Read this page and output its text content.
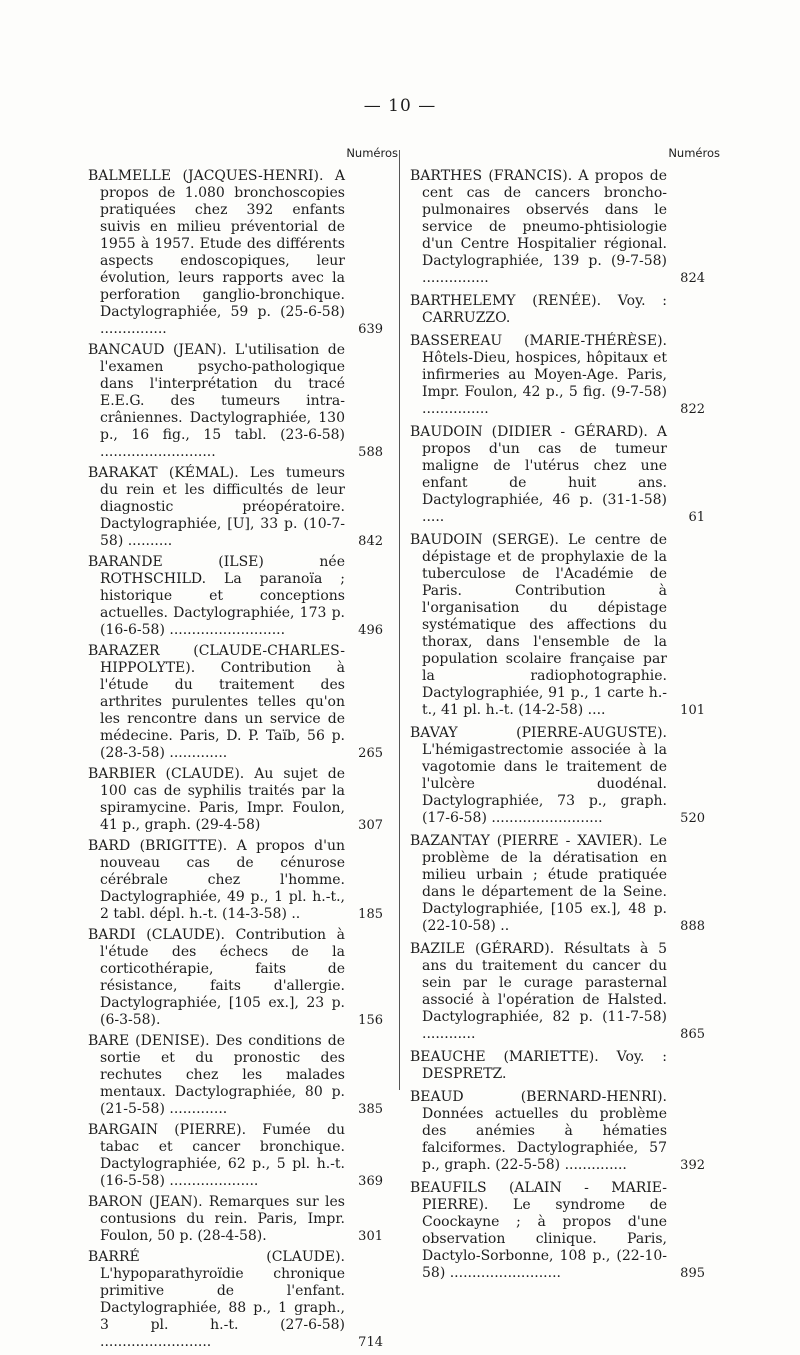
— 10 —
Numéros
BALMELLE (JACQUES-HENRI). A propos de 1.080 bronchoscopies pratiquées chez 392 enfants suivis en milieu préventorial de 1955 à 1957. Etude des différents aspects endoscopiques, leur évolution, leurs rapports avec la perforation ganglio-bronchique. Dactylographiée, 59 p. (25-6-58) ...............	639
BANCAUD (JEAN). L'utilisation de l'examen psycho-pathologique dans l'interprétation du tracé E.E.G. des tumeurs intra-crâniennes. Dactylographiée, 130 p., 16 fig., 15 tabl. (23-6-58) ..........................	588
BARAKAT (KÉMAL). Les tumeurs du rein et les difficultés de leur diagnostic préopératoire. Dactylographiée, [U], 33 p. (10-7-58) ..........	842
BARANDE (ILSE) née ROTHSCHILD. La paranoïa ; historique et conceptions actuelles. Dactylographiée, 173 p. (16-6-58) ..........................	496
BARAZER (CLAUDE-CHARLES-HIPPOLYTE). Contribution à l'étude du traitement des arthrites purulentes telles qu'on les rencontre dans un service de médecine. Paris, D. P. Taïb, 56 p. (28-3-58) .............	265
BARBIER (CLAUDE). Au sujet de 100 cas de syphilis traités par la spiramycine. Paris, Impr. Foulon, 41 p., graph. (29-4-58)	307
BARD (BRIGITTE). A propos d'un nouveau cas de cénurose cérébrale chez l'homme. Dactylographiée, 49 p., 1 pl. h.-t., 2 tabl. dépl. h.-t. (14-3-58) ..	185
BARDI (CLAUDE). Contribution à l'étude des échecs de la corticothérapie, faits de résistance, faits d'allergie. Dactylographiée, [105 ex.], 23 p. (6-3-58).	156
BARE (DENISE). Des conditions de sortie et du pronostic des rechutes chez les malades mentaux. Dactylographiée, 80 p. (21-5-58) .............	385
BARGAIN (PIERRE). Fumée du tabac et cancer bronchique. Dactylographiée, 62 p., 5 pl. h.-t. (16-5-58) ....................	369
BARON (JEAN). Remarques sur les contusions du rein. Paris, Impr. Foulon, 50 p. (28-4-58).	301
BARRÉ (CLAUDE). L'hypoparathyroïdie chronique primitive de l'enfant. Dactylographiée, 88 p., 1 graph., 3 pl. h.-t. (27-6-58) .........................	714
Numéros
BARTHES (FRANCIS). A propos de cent cas de cancers broncho-pulmonaires observés dans le service de pneumo-phtisiologie d'un Centre Hospitalier régional. Dactylographiée, 139 p. (9-7-58) ...............	824
BARTHELEMY (RENÉE). Voy. : CARRUZZO.
BASSEREAU (MARIE-THÉRÈSE). Hôtels-Dieu, hospices, hôpitaux et infirmeries au Moyen-Age. Paris, Impr. Foulon, 42 p., 5 fig. (9-7-58) ...............	822
BAUDOIN (DIDIER - GÉRARD). A propos d'un cas de tumeur maligne de l'utérus chez une enfant de huit ans. Dactylographiée, 46 p. (31-1-58) .....	61
BAUDOIN (SERGE). Le centre de dépistage et de prophylaxie de la tuberculose de l'Académie de Paris. Contribution à l'organisation du dépistage systématique des affections du thorax, dans l'ensemble de la population scolaire française par la radiophotographie. Dactylographiée, 91 p., 1 carte h.-t., 41 pl. h.-t. (14-2-58) ....	101
BAVAY (PIERRE-AUGUSTE). L'hémigastrectomie associée à la vagotomie dans le traitement de l'ulcère duodénal. Dactylographiée, 73 p., graph. (17-6-58) .........................	520
BAZANTAY (PIERRE - XAVIER). Le problème de la dératisation en milieu urbain ; étude pratiquée dans le département de la Seine. Dactylographiée, [105 ex.], 48 p. (22-10-58) ..	888
BAZILE (GÉRARD). Résultats à 5 ans du traitement du cancer du sein par le curage parasternal associé à l'opération de Halsted. Dactylographiée, 82 p. (11-7-58) ............	865
BEAUCHE (MARIETTE). Voy. : DESPRETZ.
BEAUD (BERNARD-HENRI). Données actuelles du problème des anémies à hématies falciformes. Dactylographiée, 57 p., graph. (22-5-58) ..............	392
BEAUFILS (ALAIN - MARIE-PIERRE). Le syndrome de Coockayne ; à propos d'une observation clinique. Paris, Dactylo-Sorbonne, 108 p., (22-10-58) .........................	895
